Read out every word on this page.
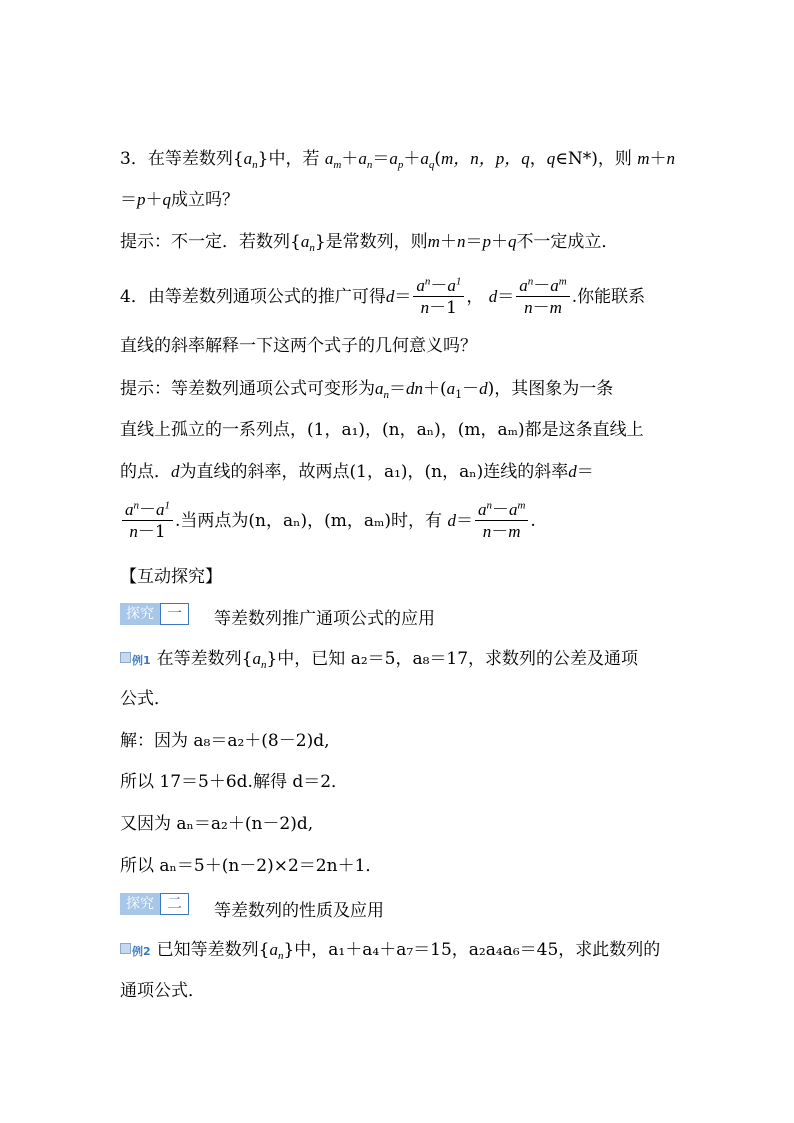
3．在等差数列$\{a_n\}$中，若 $a_m+a_n=a_p+a_q(m$，n，p，q，q∈N*)，则 m＋n
＝p＋q成立吗？
提示：不一定．若数列$\{a_n\}$是常数列，则m＋n＝p＋q不一定成立．
4．由等差数列通项公式的推广可得$d= \frac{a^n-a^1}{n-1}$ ， $d= \frac{a^n-a^m}{n-m}$ .你能联系
直线的斜率解释一下这两个式子的几何意义吗？
提示：等差数列通项公式可变形为$a_n=dn+(a_1-d)$，其图象为一条
直线上孤立的一系列点，(1，a₁)，(n，aₙ)，(m，aₘ)都是这条直线上
的点．d为直线的斜率，故两点(1，a₁)，(n，aₙ)连线的斜率d＝
$\frac{a^n-a^1}{n-1}$ .当两点为(n，aₙ)，(m，aₘ)时，有 $d= \frac{a^n-a^m}{n-m}$ .
【互动探究】
探究 一	等差数列推广通项公式的应用
例1 在等差数列$\{a_n\}$中，已知 a₂＝5，a₈＝17，求数列的公差及通项
公式．
解：因为 a₈＝a₂＋(8－2)d,
所以 17＝5＋6d.解得 d＝2．
又因为 aₙ＝a₂＋(n－2)d,
所以 aₙ＝5＋(n－2)×2＝2n＋1．
探究 二	等差数列的性质及应用
例2 已知等差数列$\{a_n\}$中，a₁＋a₄＋a₇＝15，a₂a₄a₆＝45，求此数列的
通项公式．
